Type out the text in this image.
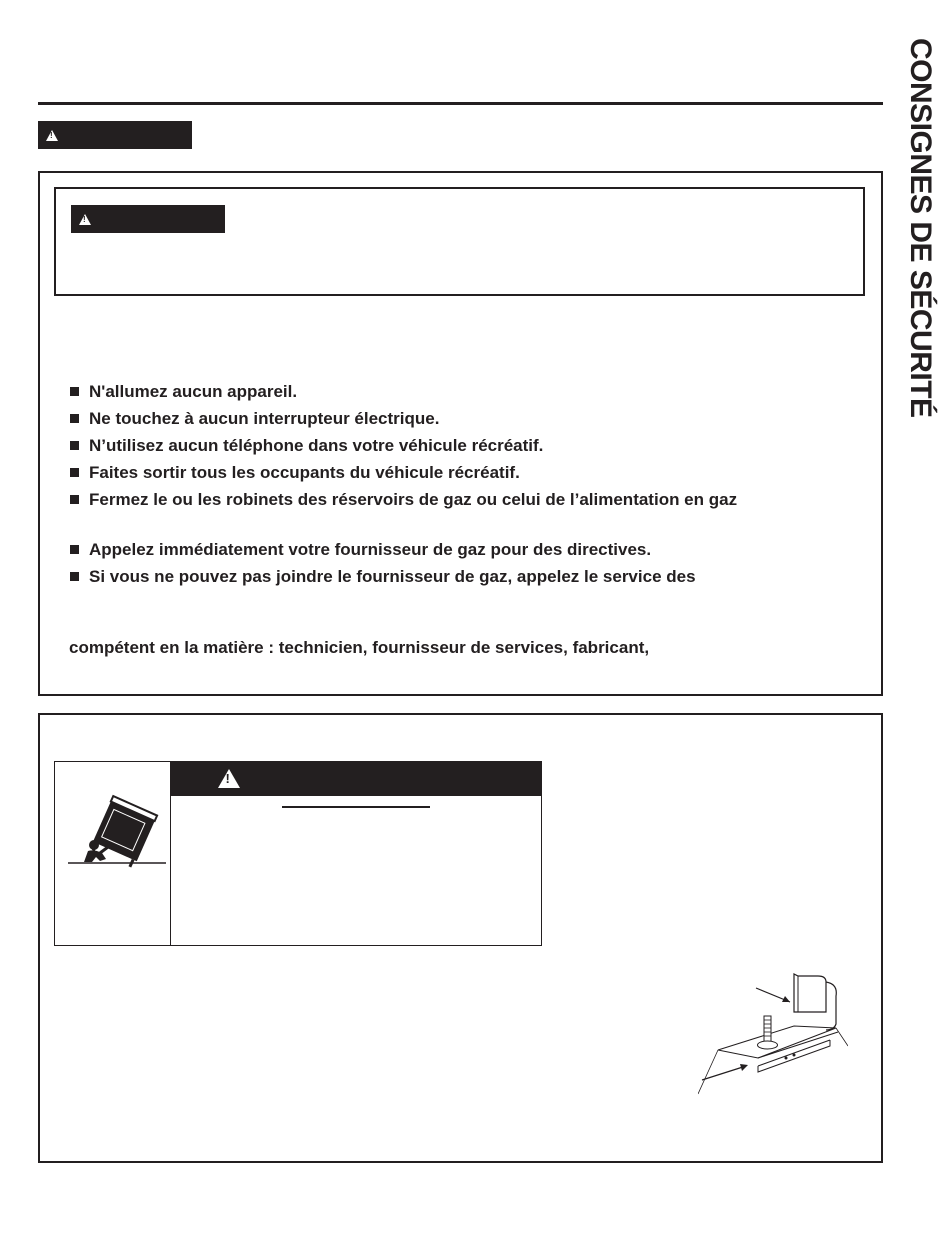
CONSIGNES DE SÉCURITÉ
!
!
N'allumez aucun appareil.
Ne touchez à aucun interrupteur électrique.
N’utilisez aucun téléphone dans votre véhicule récréatif.
Faites sortir tous les occupants du véhicule récréatif.
Fermez le ou les robinets des réservoirs de gaz ou celui de l’alimentation en gaz
Appelez immédiatement votre fournisseur de gaz pour des directives.
Si vous ne pouvez pas joindre le fournisseur de gaz, appelez le service des
compétent en la matière : technicien, fournisseur de services, fabricant,
!
